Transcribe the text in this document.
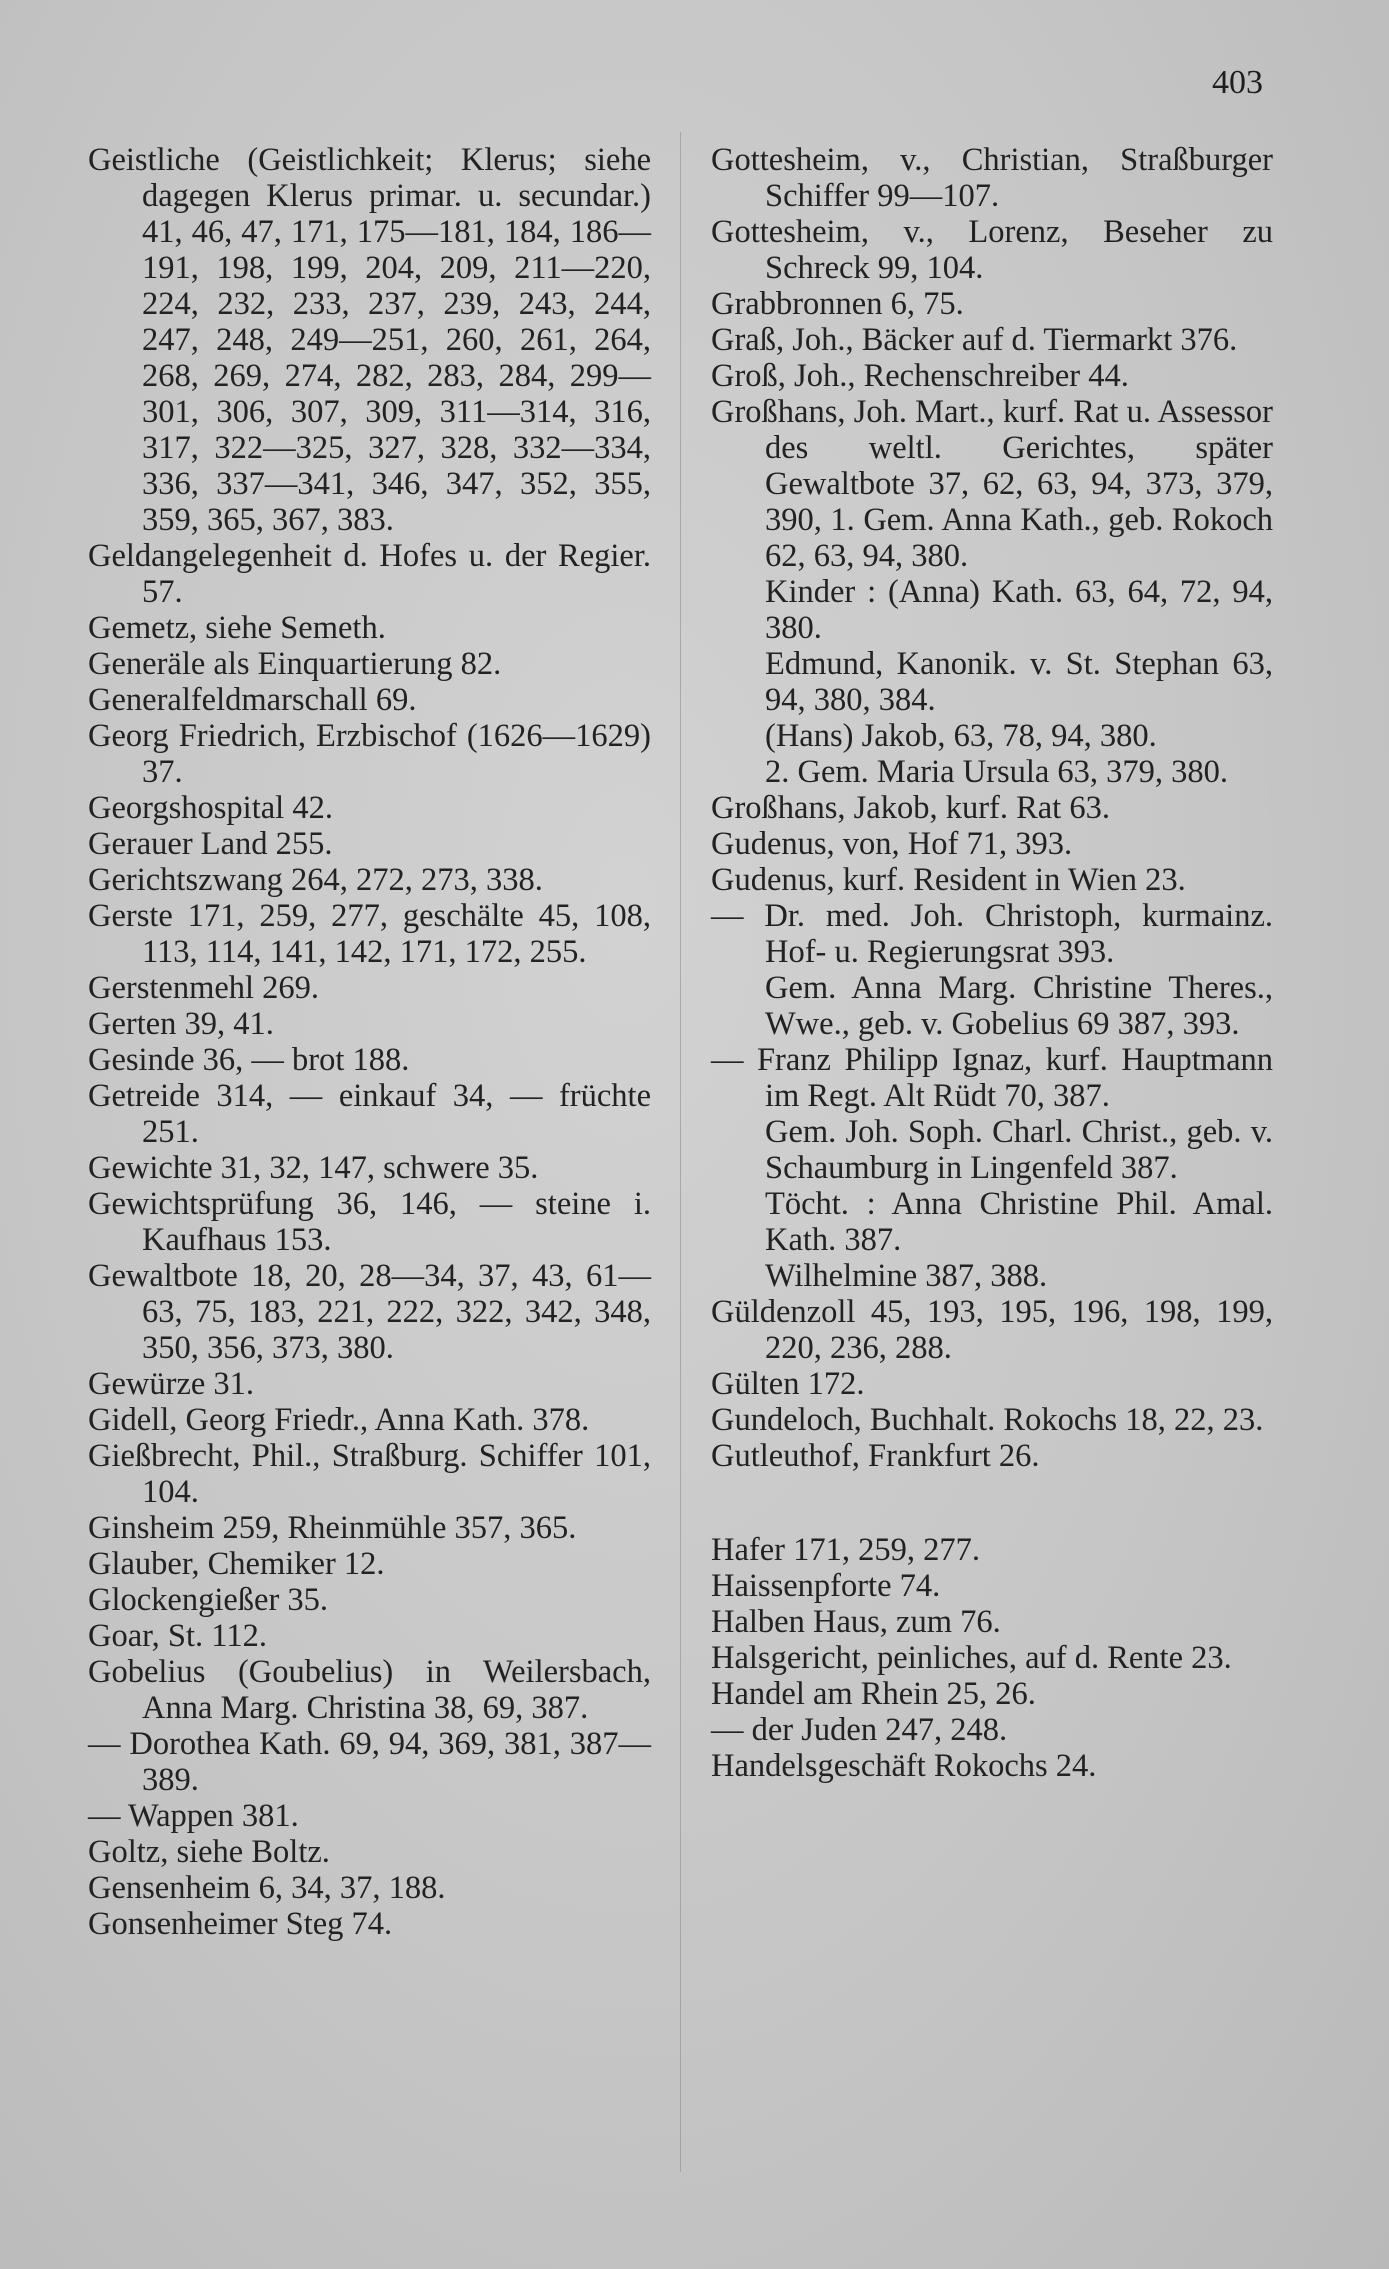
403
Geistliche (Geistlichkeit; Klerus; siehe dagegen Klerus primar. u. secundar.) 41, 46, 47, 171, 175—181, 184, 186—191, 198, 199, 204, 209, 211—220, 224, 232, 233, 237, 239, 243, 244, 247, 248, 249—251, 260, 261, 264, 268, 269, 274, 282, 283, 284, 299—301, 306, 307, 309, 311—314, 316, 317, 322—325, 327, 328, 332—334, 336, 337—341, 346, 347, 352, 355, 359, 365, 367, 383.
Geldangelegenheit d. Hofes u. der Regier. 57.
Gemetz, siehe Semeth.
Generäle als Einquartierung 82.
Generalfeldmarschall 69.
Georg Friedrich, Erzbischof (1626—1629) 37.
Georgshospital 42.
Gerauer Land 255.
Gerichtszwang 264, 272, 273, 338.
Gerste 171, 259, 277, geschälte 45, 108, 113, 114, 141, 142, 171, 172, 255.
Gerstenmehl 269.
Gerten 39, 41.
Gesinde 36, — brot 188.
Getreide 314, — einkauf 34, — früchte 251.
Gewichte 31, 32, 147, schwere 35.
Gewichtsprüfung 36, 146, — steine i. Kaufhaus 153.
Gewaltbote 18, 20, 28—34, 37, 43, 61—63, 75, 183, 221, 222, 322, 342, 348, 350, 356, 373, 380.
Gewürze 31.
Gidell, Georg Friedr., Anna Kath. 378.
Gießbrecht, Phil., Straßburg. Schiffer 101, 104.
Ginsheim 259, Rheinmühle 357, 365.
Glauber, Chemiker 12.
Glockengießer 35.
Goar, St. 112.
Gobelius (Goubelius) in Weilersbach, Anna Marg. Christina 38, 69, 387.
— Dorothea Kath. 69, 94, 369, 381, 387—389.
— Wappen 381.
Goltz, siehe Boltz.
Gensenheim 6, 34, 37, 188.
Gonsenheimer Steg 74.
Gottesheim, v., Christian, Straßburger Schiffer 99—107.
Gottesheim, v., Lorenz, Beseher zu Schreck 99, 104.
Grabbronnen 6, 75.
Graß, Joh., Bäcker auf d. Tiermarkt 376.
Groß, Joh., Rechenschreiber 44.
Großhans, Joh. Mart., kurf. Rat u. Assessor des weltl. Gerichtes, später Gewaltbote 37, 62, 63, 94, 373, 379, 390, 1. Gem. Anna Kath., geb. Rokoch 62, 63, 94, 380.
Kinder : (Anna) Kath. 63, 64, 72, 94, 380.
Edmund, Kanonik. v. St. Stephan 63, 94, 380, 384.
(Hans) Jakob, 63, 78, 94, 380.
2. Gem. Maria Ursula 63, 379, 380.
Großhans, Jakob, kurf. Rat 63.
Gudenus, von, Hof 71, 393.
Gudenus, kurf. Resident in Wien 23.
— Dr. med. Joh. Christoph, kurmainz. Hof- u. Regierungsrat 393.
Gem. Anna Marg. Christine Theres., Wwe., geb. v. Gobelius 69 387, 393.
— Franz Philipp Ignaz, kurf. Hauptmann im Regt. Alt Rüdt 70, 387.
Gem. Joh. Soph. Charl. Christ., geb. v. Schaumburg in Lingenfeld 387.
Töcht. : Anna Christine Phil. Amal. Kath. 387.
Wilhelmine 387, 388.
Güldenzoll 45, 193, 195, 196, 198, 199, 220, 236, 288.
Gülten 172.
Gundeloch, Buchhalt. Rokochs 18, 22, 23.
Gutleuthof, Frankfurt 26.
Hafer 171, 259, 277.
Haissenpforte 74.
Halben Haus, zum 76.
Halsgericht, peinliches, auf d. Rente 23.
Handel am Rhein 25, 26.
— der Juden 247, 248.
Handelsgeschäft Rokochs 24.
